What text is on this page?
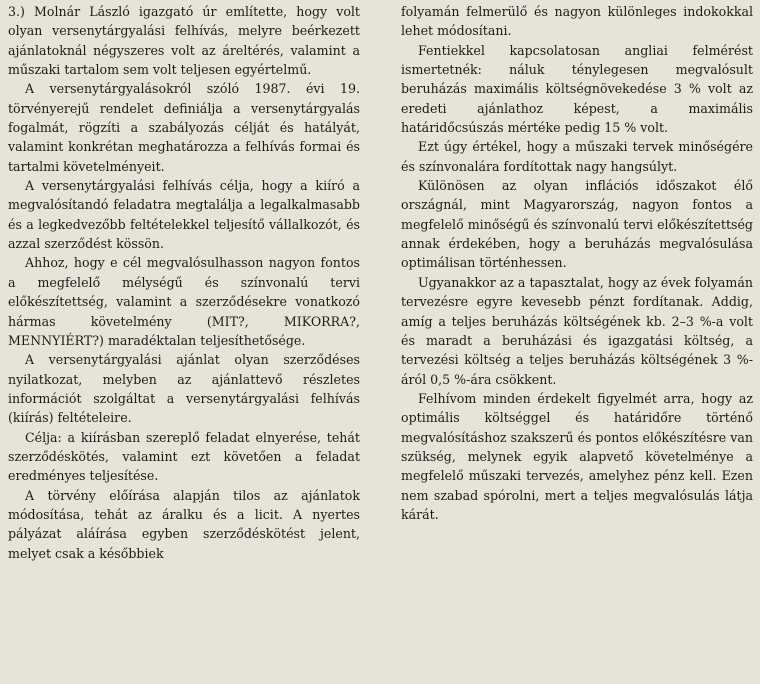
3.) Molnár László igazgató úr említette, hogy volt olyan versenytárgyalási felhívás, melyre beérkezett ajánlatoknál négyszeres volt az áreltérés, valamint a műszaki tartalom sem volt teljesen egyértelmű.

A versenytárgyalásokról szóló 1987. évi 19. törvényerejű rendelet definiálja a versenytárgyalás fogalmát, rögzíti a szabályozás célját és hatályát, valamint konkrétan meghatározza a felhívás formai és tartalmi követelményeit.

A versenytárgyalási felhívás célja, hogy a kiíró a megvalósítandó feladatra megtalálja a legalkalmasabb és a legkedvezőbb feltételekkel teljesítő vállalkozót, és azzal szerződést kössön.

Ahhoz, hogy e cél megvalósulhasson nagyon fontos a megfelelő mélységű és színvonalú tervi előkészítettség, valamint a szerződésekre vonatkozó hármas követelmény (MIT?, MIKORRA?, MENNYIÉRT?) maradéktalan teljesíthetősége.

A versenytárgyalási ajánlat olyan szerződéses nyilatkozat, melyben az ajánlattevő részletes információt szolgáltat a versenytárgyalási felhívás (kiírás) feltételeire.

Célja: a kiírásban szereplő feladat elnyerése, tehát szerződéskötés, valamint ezt követően a feladat eredményes teljesítése.

A törvény előírása alapján tilos az ajánlatok módosítása, tehát az áralku és a licit. A nyertes pályázat aláírása egyben szerződéskötést jelent, melyet csak a későbbiek

folyamán felmerülő és nagyon különleges indokokkal lehet módosítani.

Fentiekkel kapcsolatosan angliai felmérést ismertetnék: náluk ténylegesen megvalósult beruházás maximális költségnövekedése 3 % volt az eredeti ajánlathoz képest, a maximális határidőcsúszás mértéke pedig 15 % volt.

Ezt úgy értékel, hogy a műszaki tervek minőségére és színvonalára fordítottak nagy hangsúlyt.

Különösen az olyan inflációs időszakot élő országnál, mint Magyarország, nagyon fontos a megfelelő minőségű és színvonalú tervi előkészítettség annak érdekében, hogy a beruházás megvalósulása optimálisan történhessen.

Ugyanakkor az a tapasztalat, hogy az évek folyamán tervezésre egyre kevesebb pénzt fordítanak. Addig, amíg a teljes beruházás költségének kb. 2–3 %-a volt és maradt a beruházási és igazgatási költség, a tervezési költség a teljes beruházás költségének 3 %-áról 0,5 %-ára csökkent.

Felhívom minden érdekelt figyelmét arra, hogy az optimális költséggel és határidőre történő megvalósításhoz szakszerű és pontos előkészítésre van szükség, melynek egyik alapvető követelménye a megfelelő műszaki tervezés, amelyhez pénz kell. Ezen nem szabad spórolni, mert a teljes megvalósulás látja kárát.
